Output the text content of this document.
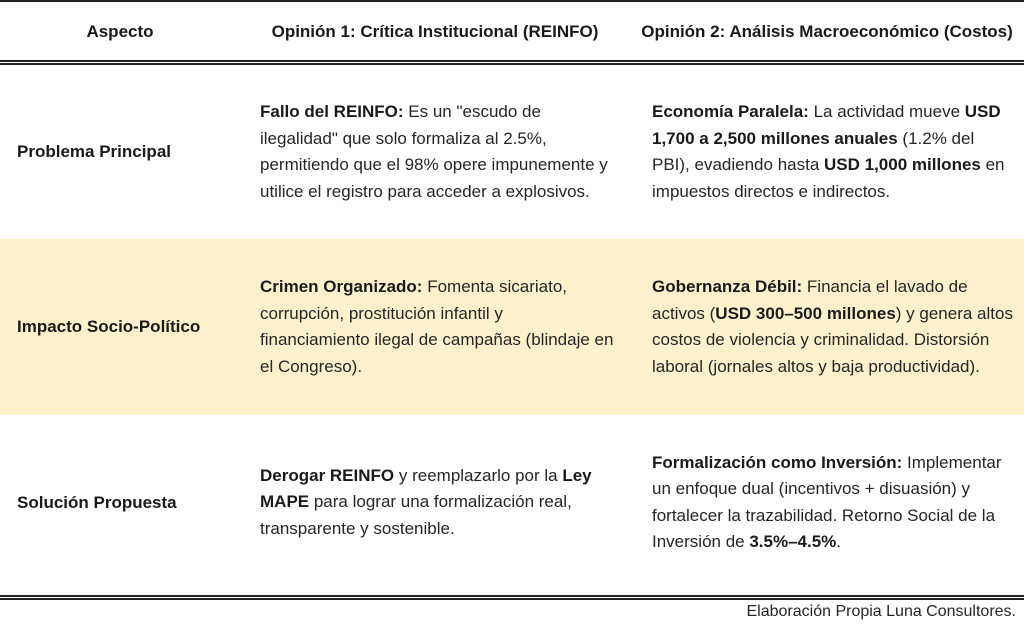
Aspecto	Opinión 1: Crítica Institucional (REINFO)	Opinión 2: Análisis Macroeconómico (Costos)
Problema Principal

Fallo del REINFO: Es un "escudo de ilegalidad" que solo formaliza al 2.5%, permitiendo que el 98% opere impunemente y utilice el registro para acceder a explosivos.

Economía Paralela: La actividad mueve USD 1,700 a 2,500 millones anuales (1.2% del PBI), evadiendo hasta USD 1,000 millones en impuestos directos e indirectos.

Impacto Socio-Político

Crimen Organizado: Fomenta sicariato, corrupción, prostitución infantil y financiamiento ilegal de campañas (blindaje en el Congreso).

Gobernanza Débil: Financia el lavado de activos (USD 300–500 millones) y genera altos costos de violencia y criminalidad. Distorsión laboral (jornales altos y baja productividad).

Solución Propuesta

Derogar REINFO y reemplazarlo por la Ley MAPE para lograr una formalización real, transparente y sostenible.

Formalización como Inversión: Implementar un enfoque dual (incentivos + disuasión) y fortalecer la trazabilidad. Retorno Social de la Inversión de 3.5%–4.5%.

Elaboración Propia Luna Consultores.
